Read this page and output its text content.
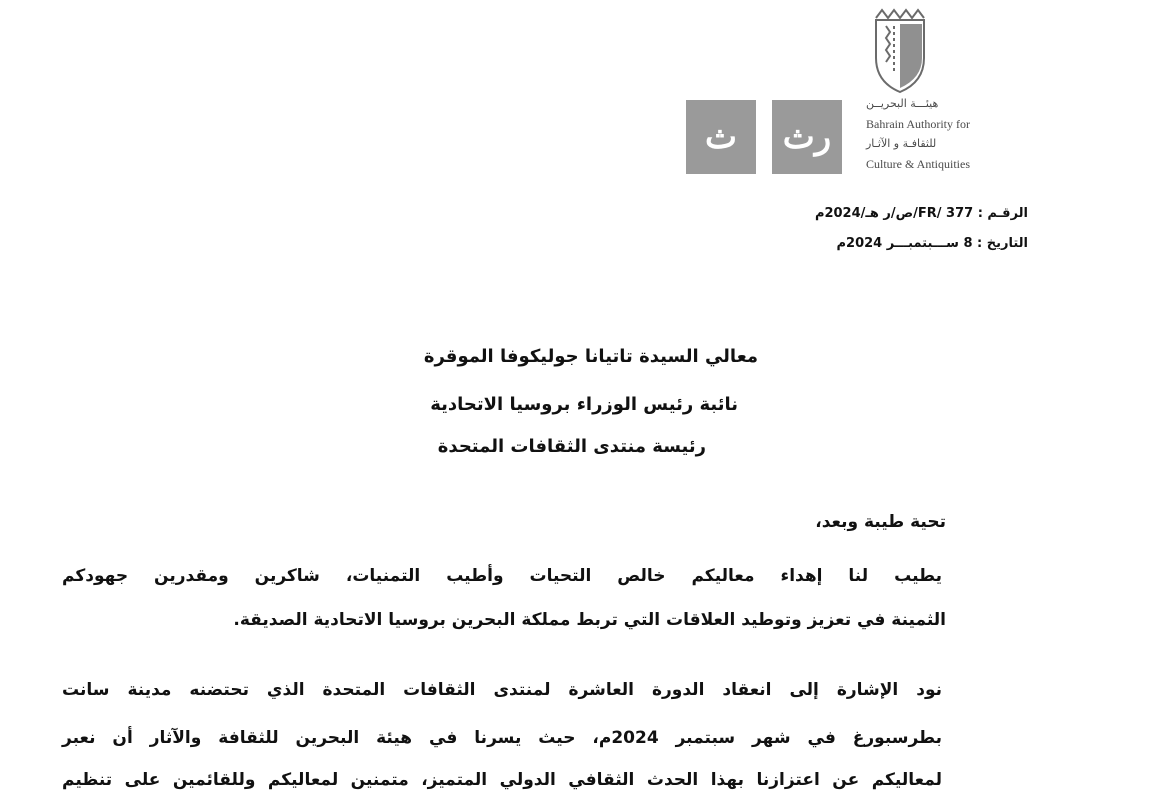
ث رث
هيئـــة البحريــن
Bahrain Authority for
للثقافـة و الآثـار
Culture & Antiquities
الرقـم : 377 /FR/ص/ر هـ/2024م
التاريخ : 8 ســـبتمبـــر 2024م
معالي السيدة تاتيانا جوليكوفا الموقرة
نائبة رئيس الوزراء بروسيا الاتحادية
رئيسة منتدى الثقافات المتحدة
تحية طيبة وبعد،
يطيب لنا إهداء معاليكم خالص التحيات وأطيب التمنيات، شاكرين ومقدرين جهودكم
الثمينة في تعزيز وتوطيد العلاقات التي تربط مملكة البحرين بروسيا الاتحادية الصديقة.
نود الإشارة إلى انعقاد الدورة العاشرة لمنتدى الثقافات المتحدة الذي تحتضنه مدينة سانت
بطرسبورغ في شهر سبتمبر 2024م، حيث يسرنا في هيئة البحرين للثقافة والآثار أن نعبر
لمعاليكم عن اعتزازنا بهذا الحدث الثقافي الدولي المتميز، متمنين لمعاليكم وللقائمين على تنظيم
